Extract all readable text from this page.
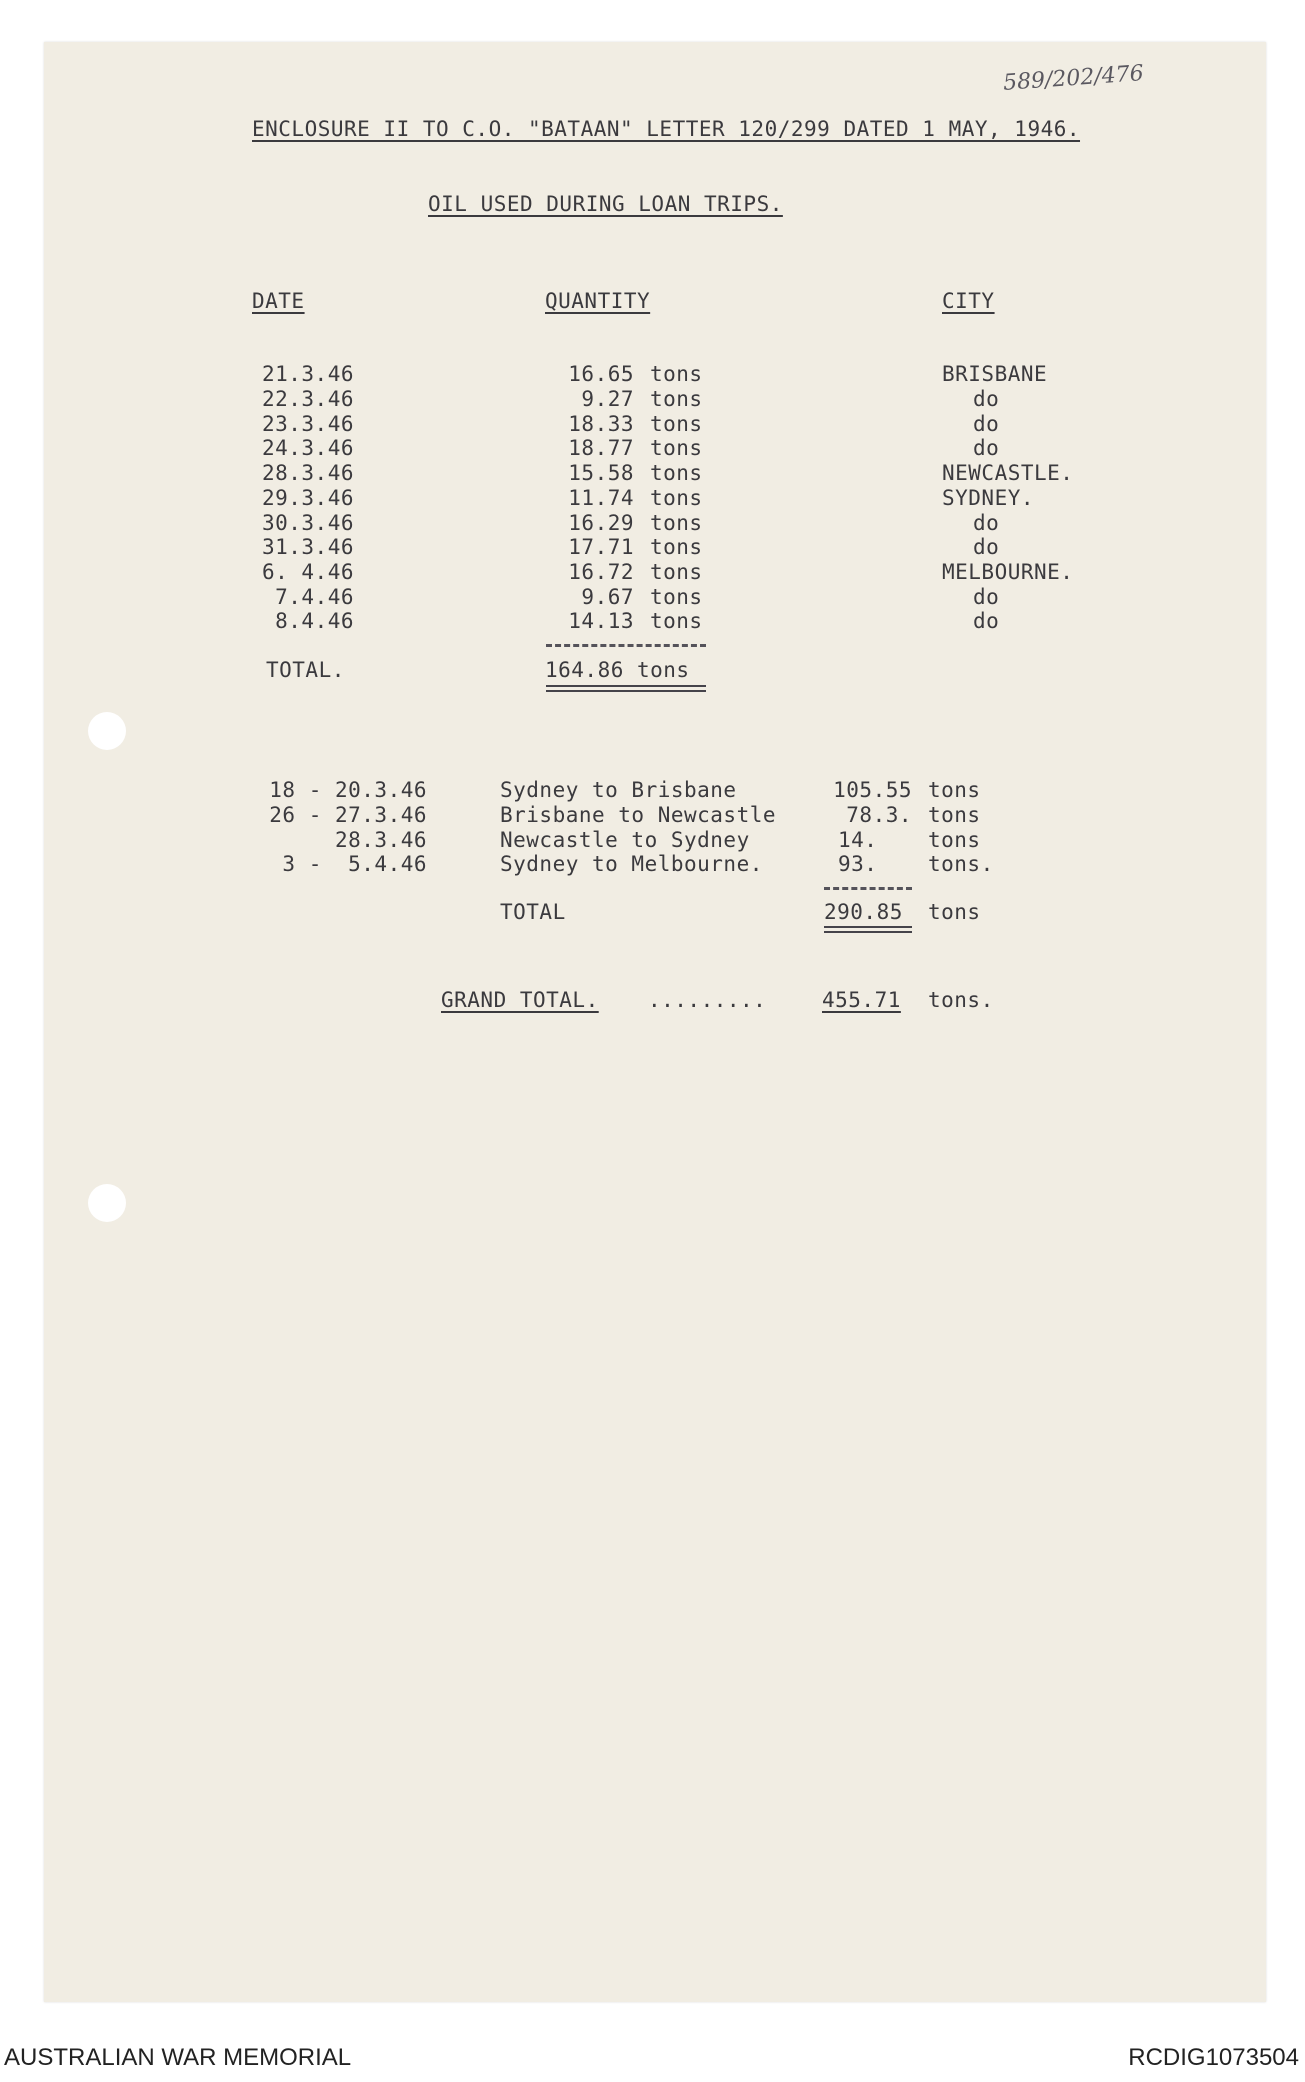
589/202/476
ENCLOSURE II TO C.O. "BATAAN" LETTER 120/299 DATED 1 MAY, 1946.
OIL USED DURING LOAN TRIPS.
DATE	QUANTITY	CITY
21.3.46	16.65 tons	BRISBANE
22.3.46	9.27 tons	do
23.3.46	18.33 tons	do
24.3.46	18.77 tons	do
28.3.46	15.58 tons	NEWCASTLE.
29.3.46	11.74 tons	SYDNEY.
30.3.46	16.29 tons	do
31.3.46	17.71 tons	do
6. 4.46	16.72 tons	MELBOURNE.
7.4.46	9.67 tons	do
8.4.46	14.13 tons	do
TOTAL.	164.86 tons
18 - 20.3.46	Sydney to Brisbane	105.55 tons
26 - 27.3.46	Brisbane to Newcastle	78.3. tons
28.3.46	Newcastle to Sydney	14. tons
3 -  5.4.46	Sydney to Melbourne.	93. tons.
TOTAL	290.85 tons
GRAND TOTAL. .........	455.71 tons.
AUSTRALIAN WAR MEMORIAL	RCDIG1073504
